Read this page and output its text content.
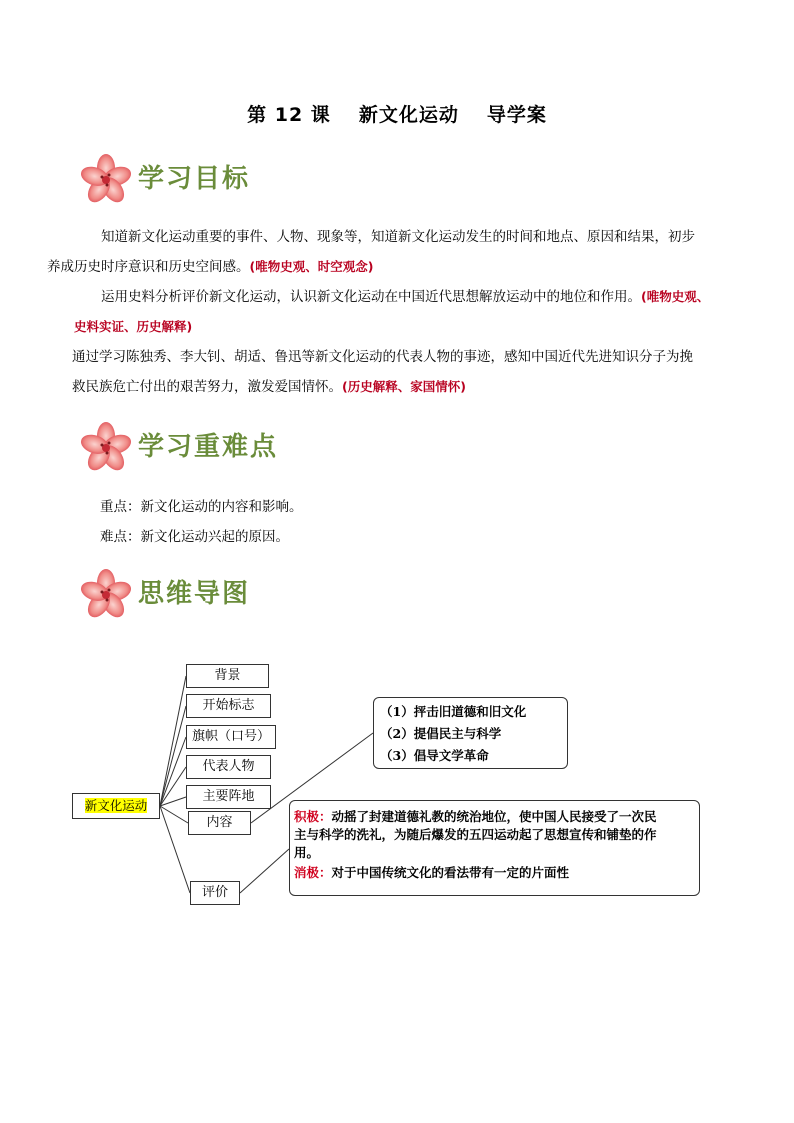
第 12 课 新文化运动 导学案
学习目标
知道新文化运动重要的事件、人物、现象等，知道新文化运动发生的时间和地点、原因和结果，初步
养成历史时序意识和历史空间感。(唯物史观、时空观念)
运用史料分析评价新文化运动，认识新文化运动在中国近代思想解放运动中的地位和作用。(唯物史观、
史料实证、历史解释)
通过学习陈独秀、李大钊、胡适、鲁迅等新文化运动的代表人物的事迹，感知中国近代先进知识分子为挽
救民族危亡付出的艰苦努力，激发爱国情怀。(历史解释、家国情怀)
学习重难点
重点：新文化运动的内容和影响。
难点：新文化运动兴起的原因。
思维导图
新文化运动
背景
开始标志
旗帜（口号）
代表人物
主要阵地
内容
评价
（1）抨击旧道德和旧文化
（2）提倡民主与科学
（3）倡导文学革命
积极：动摇了封建道德礼教的统治地位，使中国人民接受了一次民
主与科学的洗礼，为随后爆发的五四运动起了思想宣传和铺垫的作
用。
消极：对于中国传统文化的看法带有一定的片面性
